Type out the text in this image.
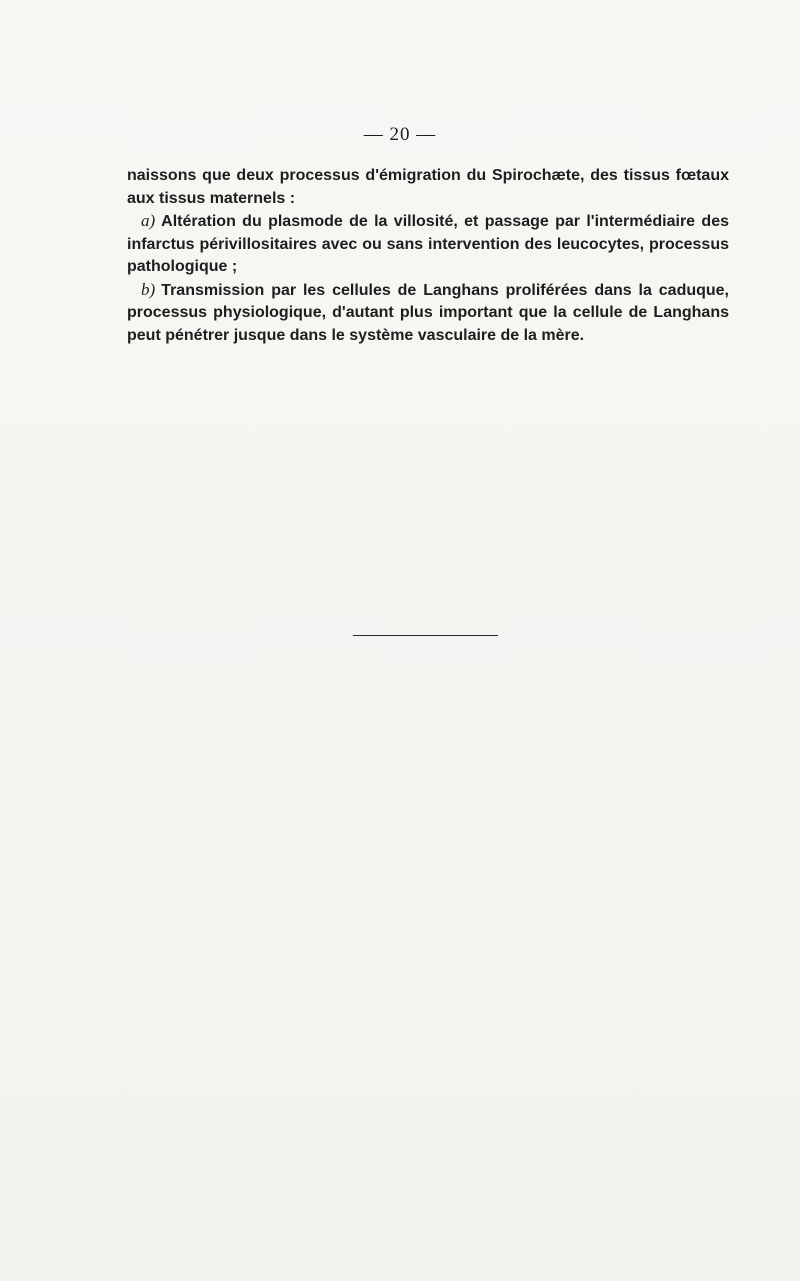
— 20 —

naissons que deux processus d'émigration du Spirochæte, des tissus fœtaux aux tissus maternels :

a) Altération du plasmode de la villosité, et passage par l'intermédiaire des infarctus périvillositaires avec ou sans intervention des leucocytes, processus pathologique ;

b) Transmission par les cellules de Langhans proliférées dans la caduque, processus physiologique, d'autant plus important que la cellule de Langhans peut pénétrer jusque dans le système vasculaire de la mère.
